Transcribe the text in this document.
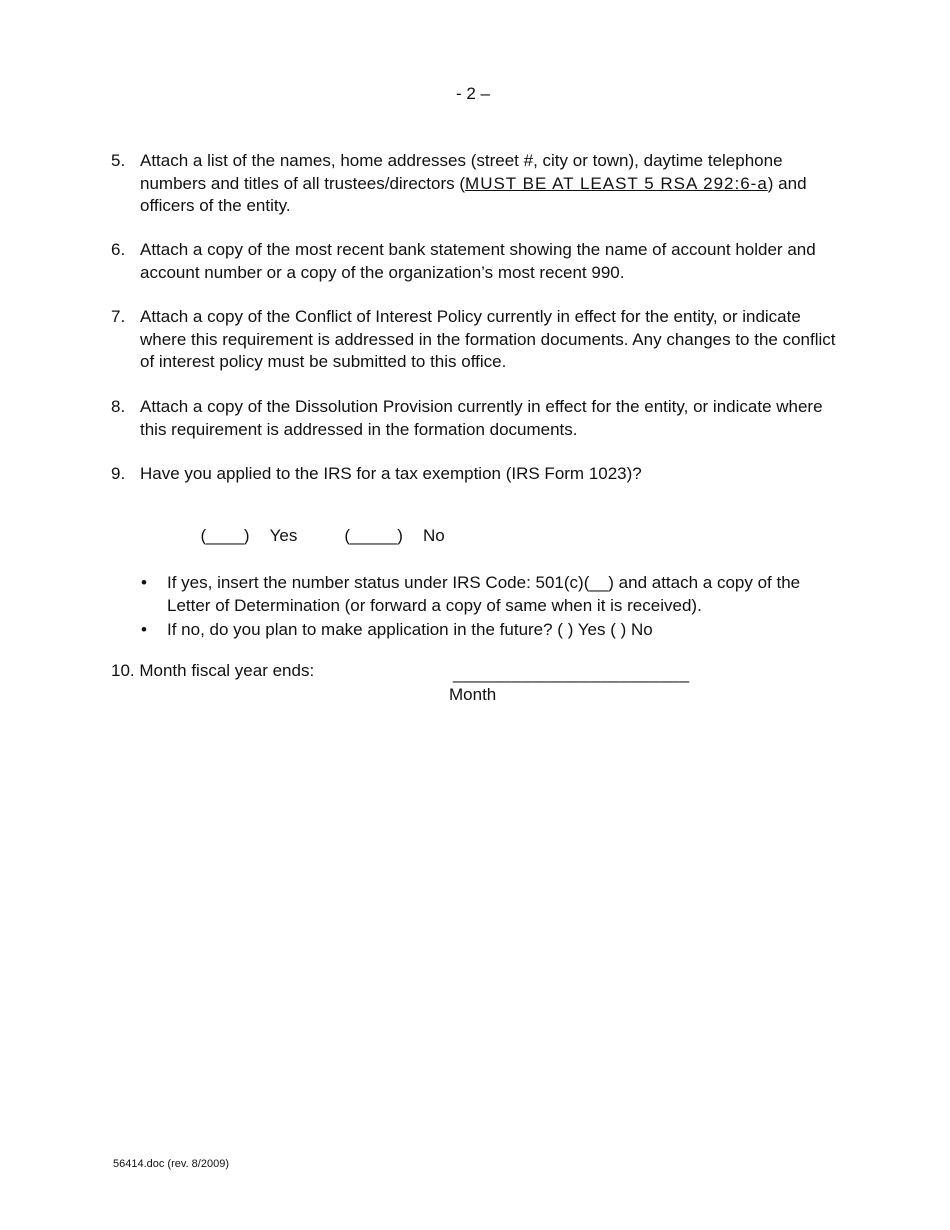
- 2 –
5. Attach a list of the names, home addresses (street #, city or town), daytime telephone numbers and titles of all trustees/directors (MUST BE AT LEAST 5 RSA 292:6-a) and officers of the entity.
6. Attach a copy of the most recent bank statement showing the name of account holder and account number or a copy of the organization’s most recent 990.
7. Attach a copy of the Conflict of Interest Policy currently in effect for the entity, or indicate where this requirement is addressed in the formation documents. Any changes to the conflict of interest policy must be submitted to this office.
8. Attach a copy of the Dissolution Provision currently in effect for the entity, or indicate where this requirement is addressed in the formation documents.
9. Have you applied to the IRS for a tax exemption (IRS Form 1023)?

(____) Yes	(_____) No

• If yes, insert the number status under IRS Code: 501(c)(__) and attach a copy of the Letter of Determination (or forward a copy of same when it is received).
• If no, do you plan to make application in the future? ( ) Yes ( ) No
10. Month fiscal year ends:	________________________
Month
56414.doc (rev. 8/2009)
